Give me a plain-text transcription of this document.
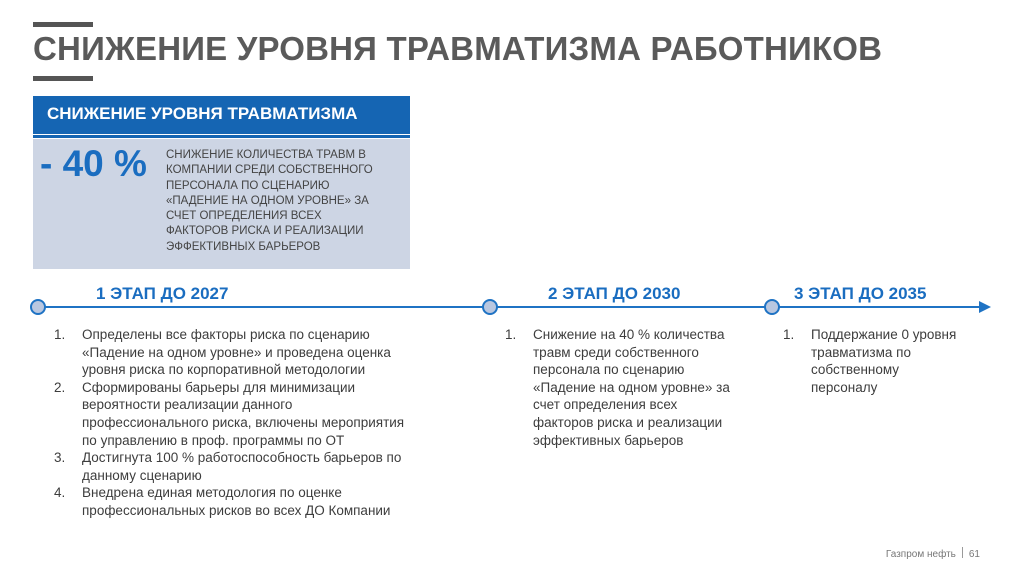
СНИЖЕНИЕ УРОВНЯ ТРАВМАТИЗМА РАБОТНИКОВ
СНИЖЕНИЕ УРОВНЯ ТРАВМАТИЗМА
- 40 % СНИЖЕНИЕ КОЛИЧЕСТВА ТРАВМ В
КОМПАНИИ СРЕДИ СОБСТВЕННОГО
ПЕРСОНАЛА ПО СЦЕНАРИЮ
«ПАДЕНИЕ НА ОДНОМ УРОВНЕ» ЗА
СЧЕТ ОПРЕДЕЛЕНИЯ ВСЕХ
ФАКТОРОВ РИСКА И РЕАЛИЗАЦИИ
ЭФФЕКТИВНЫХ БАРЬЕРОВ

1 ЭТАП ДО 2027	2 ЭТАП ДО 2030	3 ЭТАП ДО 2035
1. Определены все факторы риска по сценарию
«Падение на одном уровне» и проведена оценка
уровня риска по корпоративной методологии
2. Сформированы барьеры для минимизации
вероятности реализации данного
профессионального риска, включены мероприятия
по управлению в проф. программы по ОТ
3. Достигнута 100 % работоспособность барьеров по
данному сценарию
4. Внедрена единая методология по оценке
профессиональных рисков во всех ДО Компании
1. Снижение на 40 % количества
травм среди собственного
персонала по сценарию
«Падение на одном уровне» за
счет определения всех
факторов риска и реализации
эффективных барьеров
1. Поддержание 0 уровня
травматизма по
собственному
персоналу
Газпром нефть 61
